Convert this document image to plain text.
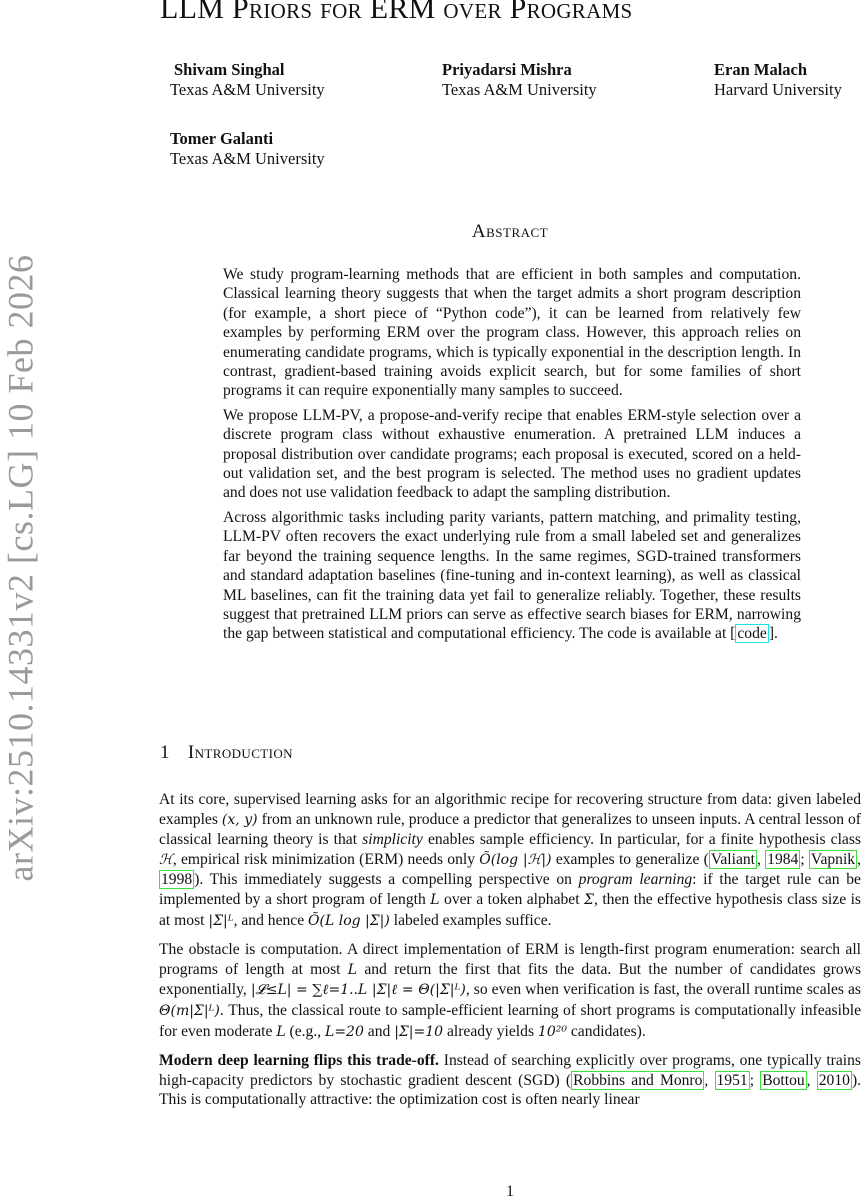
arXiv:2510.14331v2 [cs.LG] 10 Feb 2026
LLM Priors for ERM over Programs
Shivam Singhal
Texas A&M University
Priyadarsi Mishra
Texas A&M University
Eran Malach
Harvard University
Tomer Galanti
Texas A&M University
Abstract

We study program-learning methods that are efficient in both samples and computation. Classical learning theory suggests that when the target admits a short program description (for example, a short piece of “Python code”), it can be learned from relatively few examples by performing ERM over the program class. However, this approach relies on enumerating candidate programs, which is typically exponential in the description length. In contrast, gradient-based training avoids explicit search, but for some families of short programs it can require exponentially many samples to succeed.

We propose LLM-PV, a propose-and-verify recipe that enables ERM-style selection over a discrete program class without exhaustive enumeration. A pretrained LLM induces a proposal distribution over candidate programs; each proposal is executed, scored on a held-out validation set, and the best program is selected. The method uses no gradient updates and does not use validation feedback to adapt the sampling distribution.

Across algorithmic tasks including parity variants, pattern matching, and primality testing, LLM-PV often recovers the exact underlying rule from a small labeled set and generalizes far beyond the training sequence lengths. In the same regimes, SGD-trained transformers and standard adaptation baselines (fine-tuning and in-context learning), as well as classical ML baselines, can fit the training data yet fail to generalize reliably. Together, these results suggest that pretrained LLM priors can serve as effective search biases for ERM, narrowing the gap between statistical and computational efficiency. The code is available at [ code ].

1 Introduction

At its core, supervised learning asks for an algorithmic recipe for recovering structure from data: given labeled examples (x, y) from an unknown rule, produce a predictor that generalizes to unseen inputs. A central lesson of classical learning theory is that simplicity enables sample efficiency. In particular, for a finite hypothesis class ℋ, empirical risk minimization (ERM) needs only Õ(log |ℋ|) examples to generalize ( Valiant , 1984 ; Vapnik , 1998 ). This immediately suggests a compelling perspective on program learning: if the target rule can be implemented by a short program of length L over a token alphabet Σ, then the effective hypothesis class size is at most |Σ|ᴸ, and hence Õ(L log |Σ|) labeled examples suffice.

The obstacle is computation. A direct implementation of ERM is length-first program enumeration: search all programs of length at most L and return the first that fits the data. But the number of candidates grows exponentially, |𝓛≤L| = ∑ℓ=1..L |Σ|ℓ = Θ(|Σ|ᴸ), so even when verification is fast, the overall runtime scales as Θ(m|Σ|ᴸ). Thus, the classical route to sample-efficient learning of short programs is computationally infeasible for even moderate L (e.g., L=20 and |Σ|=10 already yields 10²⁰ candidates).

Modern deep learning flips this trade-off. Instead of searching explicitly over programs, one typically trains high-capacity predictors by stochastic gradient descent (SGD) ( Robbins and Monro , 1951 ; Bottou , 2010 ). This is computationally attractive: the optimization cost is often nearly linear

1
